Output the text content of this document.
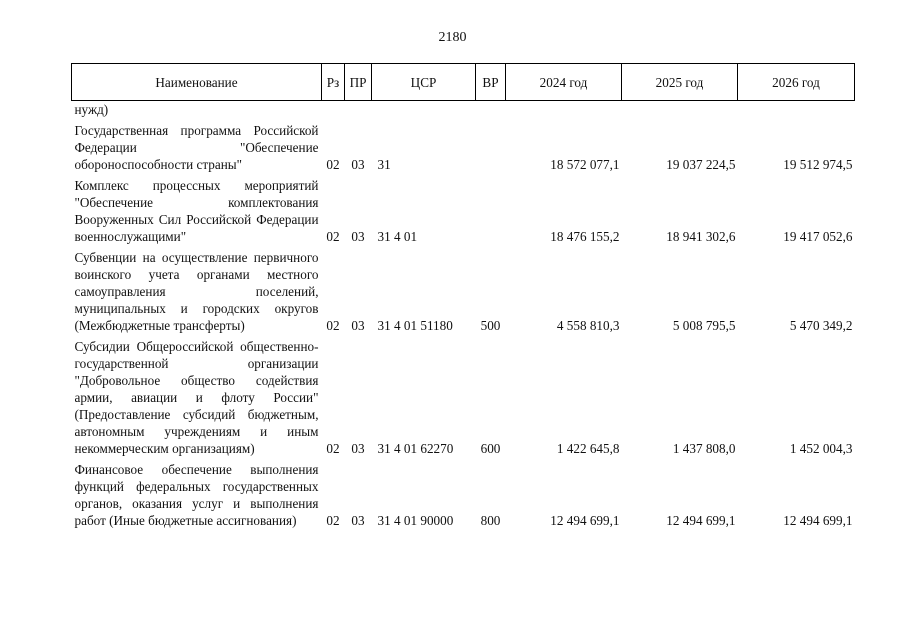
2180
Наименование	Рз	ПР	ЦСР	ВР	2024 год	2025 год	2026 год
нужд)							
Государственная программа Российской Федерации "Обеспечение обороноспособности страны"	02	03	31		18 572 077,1	19 037 224,5	19 512 974,5
Комплекс процессных мероприятий "Обеспечение комплектования Вооруженных Сил Российской Федерации военнослужащими"	02	03	31 4 01		18 476 155,2	18 941 302,6	19 417 052,6
Субвенции на осуществление первичного воинского учета органами местного самоуправления поселений, муниципальных и городских округов (Межбюджетные трансферты)	02	03	31 4 01 51180	500	4 558 810,3	5 008 795,5	5 470 349,2
Субсидии Общероссийской общественно-государственной организации "Добровольное общество содействия армии, авиации и флоту России" (Предоставление субсидий бюджетным, автономным учреждениям и иным некоммерческим организациям)	02	03	31 4 01 62270	600	1 422 645,8	1 437 808,0	1 452 004,3
Финансовое обеспечение выполнения функций федеральных государственных органов, оказания услуг и выполнения работ (Иные бюджетные ассигнования)	02	03	31 4 01 90000	800	12 494 699,1	12 494 699,1	12 494 699,1
